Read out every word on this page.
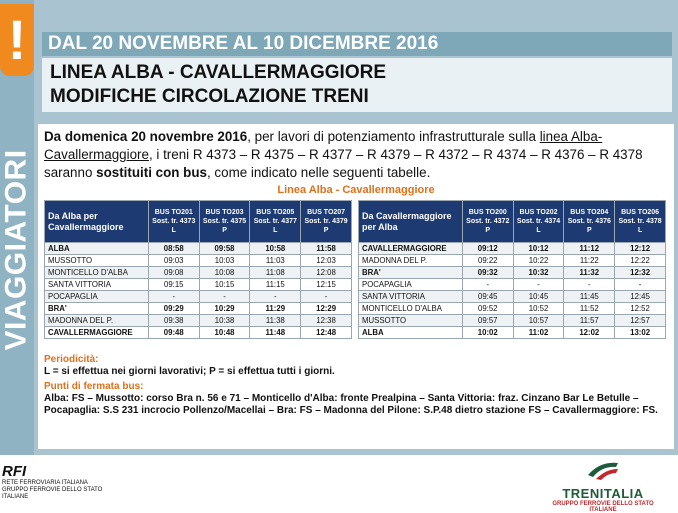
!
VIAGGIATORI
DAL 20 NOVEMBRE AL 10 DICEMBRE 2016
LINEA ALBA - CAVALLERMAGGIORE
MODIFICHE CIRCOLAZIONE TRENI

Da domenica 20 novembre 2016, per lavori di potenziamento infrastrutturale sulla linea Alba-Cavallermaggiore, i treni R 4373 – R 4375 – R 4377 – R 4379 – R 4372 – R 4374 – R 4376 – R 4378 saranno sostituiti con bus, come indicato nelle seguenti tabelle.

Linea Alba - Cavallermaggiore
Da Alba per Cavallermaggiore	BUS TO201
Sost. tr. 4373
L	BUS TO203
Sost. tr. 4375
P	BUS TO205
Sost. tr. 4377
L	BUS TO207
Sost. tr. 4379
P
ALBA	08:58	09:58	10:58	11:58
MUSSOTTO	09:03	10:03	11:03	12:03
MONTICELLO D'ALBA	09:08	10:08	11:08	12:08
SANTA VITTORIA	09:15	10:15	11:15	12:15
POCAPAGLIA	-	-	-	-
BRA'	09:29	10:29	11:29	12:29
MADONNA DEL P.	09:38	10:38	11:38	12:38
CAVALLERMAGGIORE	09:48	10:48	11:48	12:48
Da Cavallermaggiore per Alba	BUS TO200
Sost. tr. 4372
P	BUS TO202
Sost. tr. 4374
L	BUS TO204
Sost. tr. 4376
P	BUS TO206
Sost. tr. 4378
L
CAVALLERMAGGIORE	09:12	10:12	11:12	12:12
MADONNA DEL P.	09:22	10:22	11:22	12:22
BRA'	09:32	10:32	11:32	12:32
POCAPAGLIA	-	-	-	-
SANTA VITTORIA	09:45	10:45	11:45	12:45
MONTICELLO D'ALBA	09:52	10:52	11:52	12:52
MUSSOTTO	09:57	10:57	11:57	12:57
ALBA	10:02	11:02	12:02	13:02
Periodicità:
L = si effettua nei giorni lavorativi; P = si effettua tutti i giorni.
Punti di fermata bus:
Alba: FS – Mussotto: corso Bra n. 56 e 71 – Monticello d'Alba: fronte Prealpina – Santa Vittoria: fraz. Cinzano Bar Le Betulle – Pocapaglia: S.S 231 incrocio Pollenzo/Macellai – Bra: FS – Madonna del Pilone: S.P.48 dietro stazione FS – Cavallermaggiore: FS.
RFI
RETE FERROVIARIA ITALIANA
GRUPPO FERROVIE DELLO STATO ITALIANE	TRENITALIA
GRUPPO FERROVIE DELLO STATO ITALIANE
